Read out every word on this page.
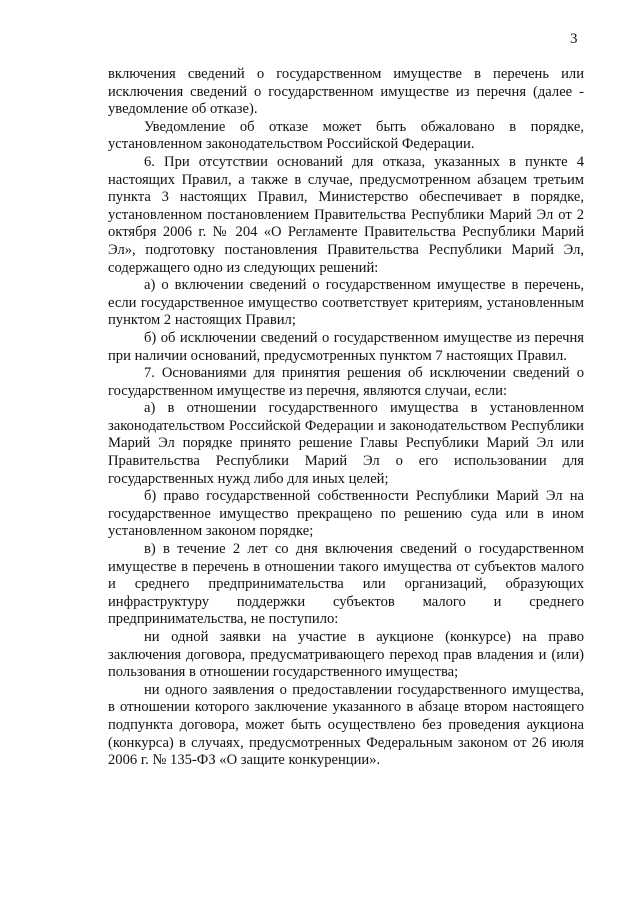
3

включения сведений о государственном имуществе в перечень или исключения сведений о государственном имуществе из перечня (далее - уведомление об отказе).

Уведомление об отказе может быть обжаловано в порядке, установленном законодательством Российской Федерации.

6. При отсутствии оснований для отказа, указанных в пункте 4 настоящих Правил, а также в случае, предусмотренном абзацем третьим пункта 3 настоящих Правил, Министерство обеспечивает в порядке, установленном постановлением Правительства Республики Марий Эл от 2 октября 2006 г. № 204 «О Регламенте Правительства Республики Марий Эл», подготовку постановления Правительства Республики Марий Эл, содержащего одно из следующих решений:

а) о включении сведений о государственном имуществе в перечень, если государственное имущество соответствует критериям, установленным пунктом 2 настоящих Правил;

б) об исключении сведений о государственном имуществе из перечня при наличии оснований, предусмотренных пунктом 7 настоящих Правил.

7. Основаниями для принятия решения об исключении сведений о государственном имуществе из перечня, являются случаи, если:

а) в отношении государственного имущества в установленном законодательством Российской Федерации и законодательством Республики Марий Эл порядке принято решение Главы Республики Марий Эл или Правительства Республики Марий Эл о его использовании для государственных нужд либо для иных целей;

б) право государственной собственности Республики Марий Эл на государственное имущество прекращено по решению суда или в ином установленном законом порядке;

в) в течение 2 лет со дня включения сведений о государственном имуществе в перечень в отношении такого имущества от субъектов малого и среднего предпринимательства или организаций, образующих инфраструктуру поддержки субъектов малого и среднего предпринимательства, не поступило:

ни одной заявки на участие в аукционе (конкурсе) на право заключения договора, предусматривающего переход прав владения и (или) пользования в отношении государственного имущества;

ни одного заявления о предоставлении государственного имущества, в отношении которого заключение указанного в абзаце втором настоящего подпункта договора, может быть осуществлено без проведения аукциона (конкурса) в случаях, предусмотренных Федеральным законом от 26 июля 2006 г. № 135-ФЗ «О защите конкуренции».
